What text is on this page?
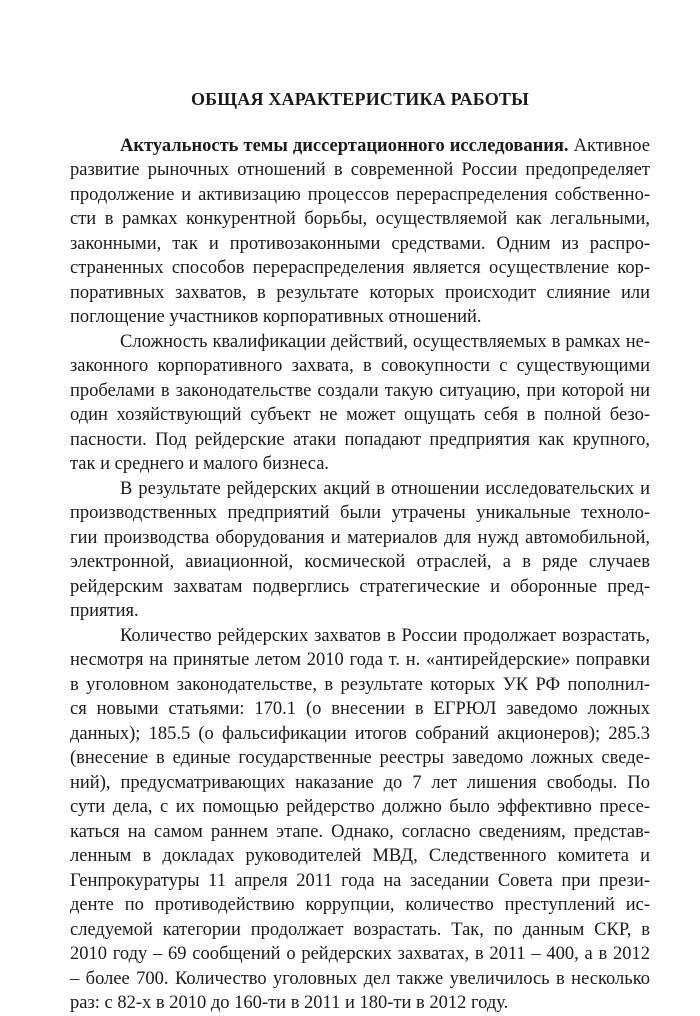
ОБЩАЯ ХАРАКТЕРИСТИКА РАБОТЫ

Актуальность темы диссертационного исследования. Активное
развитие рыночных отношений в современной России предопределяет
продолжение и активизацию процессов перераспределения собственно-
сти в рамках конкурентной борьбы, осуществляемой как легальными,
законными, так и противозаконными средствами. Одним из распро-
страненных способов перераспределения является осуществление кор-
поративных захватов, в результате которых происходит слияние или
поглощение участников корпоративных отношений.

Сложность квалификации действий, осуществляемых в рамках не-
законного корпоративного захвата, в совокупности с существующими
пробелами в законодательстве создали такую ситуацию, при которой ни
один хозяйствующий субъект не может ощущать себя в полной безо-
пасности. Под рейдерские атаки попадают предприятия как крупного,
так и среднего и малого бизнеса.

В результате рейдерских акций в отношении исследовательских и
производственных предприятий были утрачены уникальные техноло-
гии производства оборудования и материалов для нужд автомобильной,
электронной, авиационной, космической отраслей, а в ряде случаев
рейдерским захватам подверглись стратегические и оборонные пред-
приятия.

Количество рейдерских захватов в России продолжает возрастать,
несмотря на принятые летом 2010 года т. н. «антирейдерские» поправки
в уголовном законодательстве, в результате которых УК РФ пополнил-
ся новыми статьями: 170.1 (о внесении в ЕГРЮЛ заведомо ложных
данных); 185.5 (о фальсификации итогов собраний акционеров); 285.3
(внесение в единые государственные реестры заведомо ложных сведе-
ний), предусматривающих наказание до 7 лет лишения свободы. По
сути дела, с их помощью рейдерство должно было эффективно пресе-
каться на самом раннем этапе. Однако, согласно сведениям, представ-
ленным в докладах руководителей МВД, Следственного комитета и
Генпрокуратуры 11 апреля 2011 года на заседании Совета при прези-
денте по противодействию коррупции, количество преступлений ис-
следуемой категории продолжает возрастать. Так, по данным СКР, в
2010 году – 69 сообщений о рейдерских захватах, в 2011 – 400, а в 2012
– более 700. Количество уголовных дел также увеличилось в несколько
раз: с 82-х в 2010 до 160-ти в 2011 и 180-ти в 2012 году.
